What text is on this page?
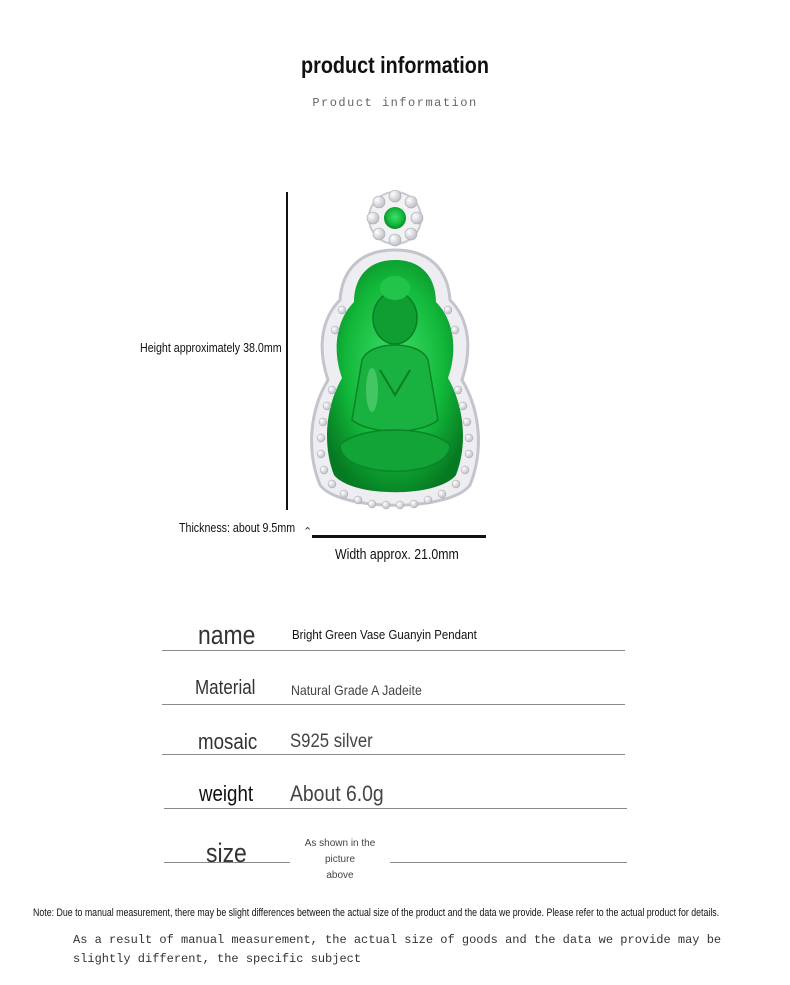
product information
Product information
Height approximately 38.0mm
Thickness: about 9.5mm ⌃
Width approx. 21.0mm
name	Bright Green Vase Guanyin Pendant
Material	Natural Grade A Jadeite
mosaic S925 silver
weight About 6.0g
size	As shown in the picture
above
Note: Due to manual measurement, there may be slight differences between the actual size of the product and the data we provide. Please refer to the actual product for details.
As a result of manual measurement, the actual size of goods and the data we provide may be slightly different, the specific subject
